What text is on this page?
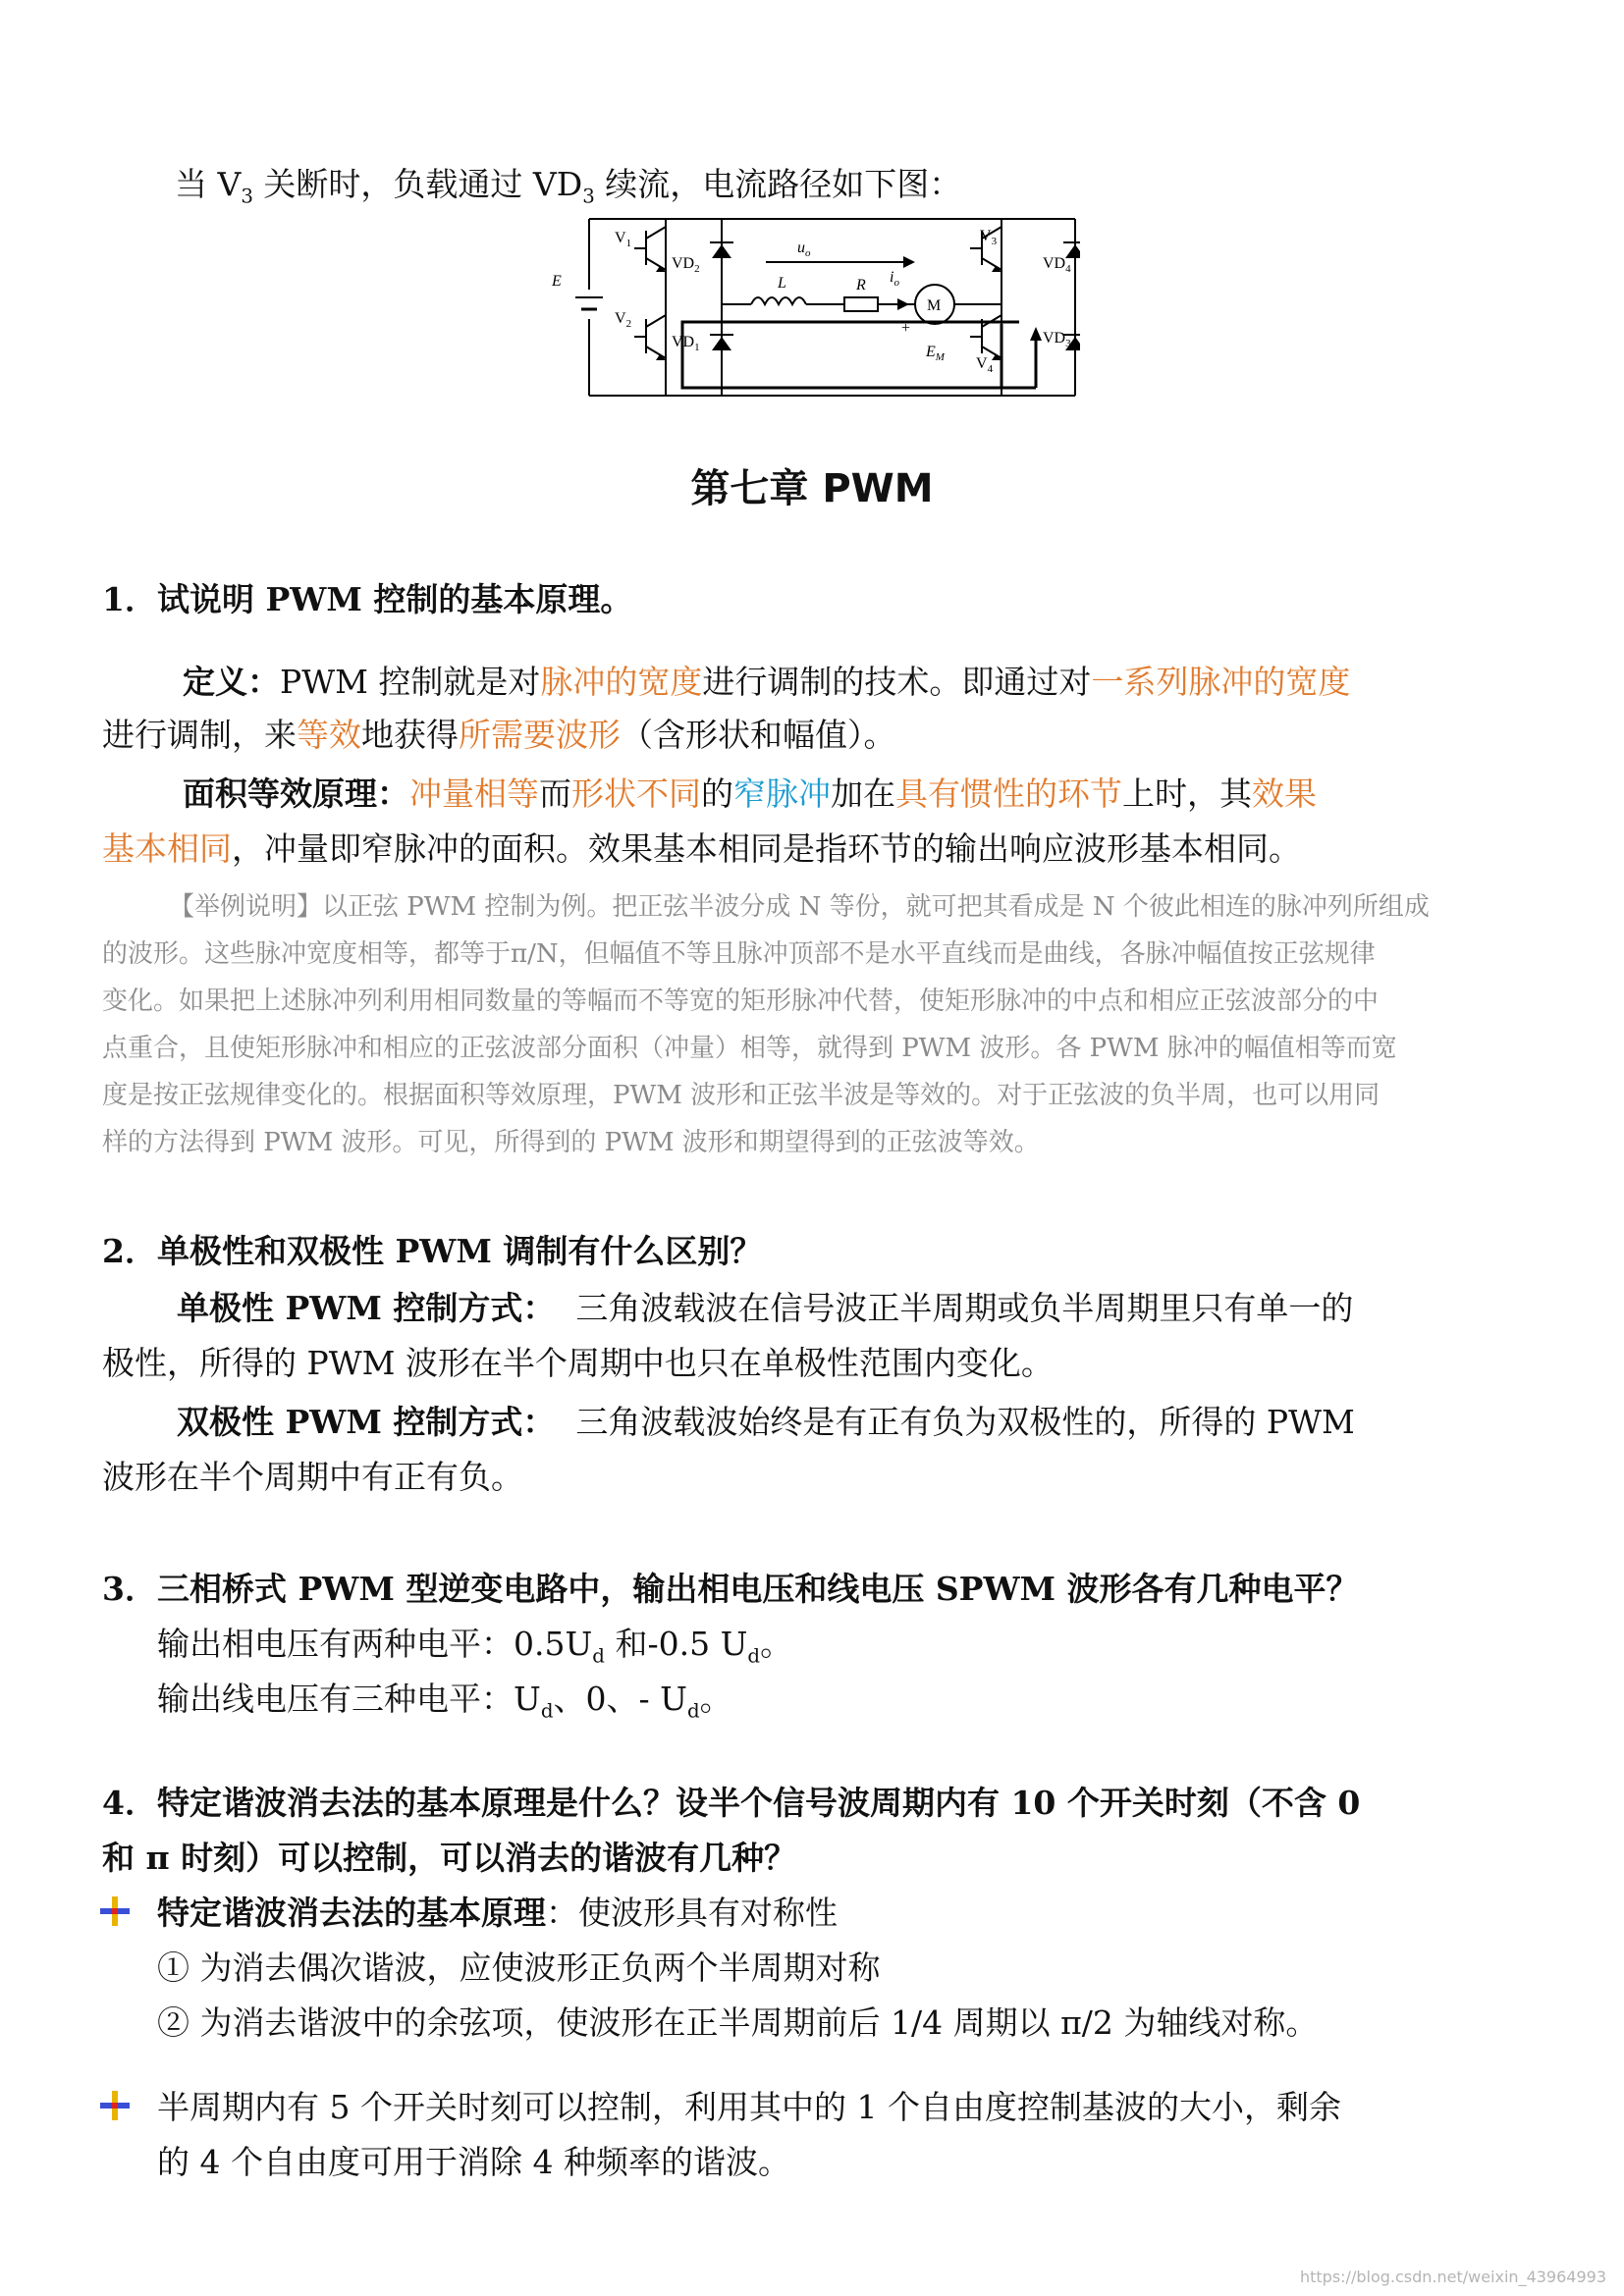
当 $V_3$ 关断时，负载通过 $VD_3$ 续流，电流路径如下图：
E
$V_1$
$V_2$
$V_3$
$V_4$
$VD_2$
$VD_1$
$VD_4$
$VD_3$
$u_o$
L	R $i_o$
M
$E_M$
+
第七章 PWM
1．试说明 PWM 控制的基本原理。
定义：PWM 控制就是对脉冲的宽度进行调制的技术。即通过对一系列脉冲的宽度
进行调制，来等效地获得所需要波形（含形状和幅值）。
面积等效原理：冲量相等而形状不同的窄脉冲加在具有惯性的环节上时，其效果
基本相同，冲量即窄脉冲的面积。效果基本相同是指环节的输出响应波形基本相同。
【举例说明】以正弦 PWM 控制为例。把正弦半波分成 N 等份，就可把其看成是 N 个彼此相连的脉冲列所组成
的波形。这些脉冲宽度相等，都等于π/N，但幅值不等且脉冲顶部不是水平直线而是曲线，各脉冲幅值按正弦规律
变化。如果把上述脉冲列利用相同数量的等幅而不等宽的矩形脉冲代替，使矩形脉冲的中点和相应正弦波部分的中
点重合，且使矩形脉冲和相应的正弦波部分面积（冲量）相等，就得到 PWM 波形。各 PWM 脉冲的幅值相等而宽
度是按正弦规律变化的。根据面积等效原理，PWM 波形和正弦半波是等效的。对于正弦波的负半周，也可以用同
样的方法得到 PWM 波形。可见，所得到的 PWM 波形和期望得到的正弦波等效。
2．单极性和双极性 PWM 调制有什么区别？
单极性 PWM 控制方式： 三角波载波在信号波正半周期或负半周期里只有单一的
极性，所得的 PWM 波形在半个周期中也只在单极性范围内变化。
双极性 PWM 控制方式： 三角波载波始终是有正有负为双极性的，所得的 PWM
波形在半个周期中有正有负。
3．三相桥式 PWM 型逆变电路中，输出相电压和线电压 SPWM 波形各有几种电平？
输出相电压有两种电平：$0.5U_d$ 和-0.5 $U_d$。
输出线电压有三种电平：$U_d$、0、- $U_d$。
4．特定谐波消去法的基本原理是什么？设半个信号波周期内有 10 个开关时刻（不含 0
和 π 时刻）可以控制，可以消去的谐波有几种？
特定谐波消去法的基本原理：使波形具有对称性
① 为消去偶次谐波，应使波形正负两个半周期对称
② 为消去谐波中的余弦项，使波形在正半周期前后 1/4 周期以 π/2 为轴线对称。
半周期内有 5 个开关时刻可以控制，利用其中的 1 个自由度控制基波的大小，剩余
的 4 个自由度可用于消除 4 种频率的谐波。
https://blog.csdn.net/weixin_43964993
